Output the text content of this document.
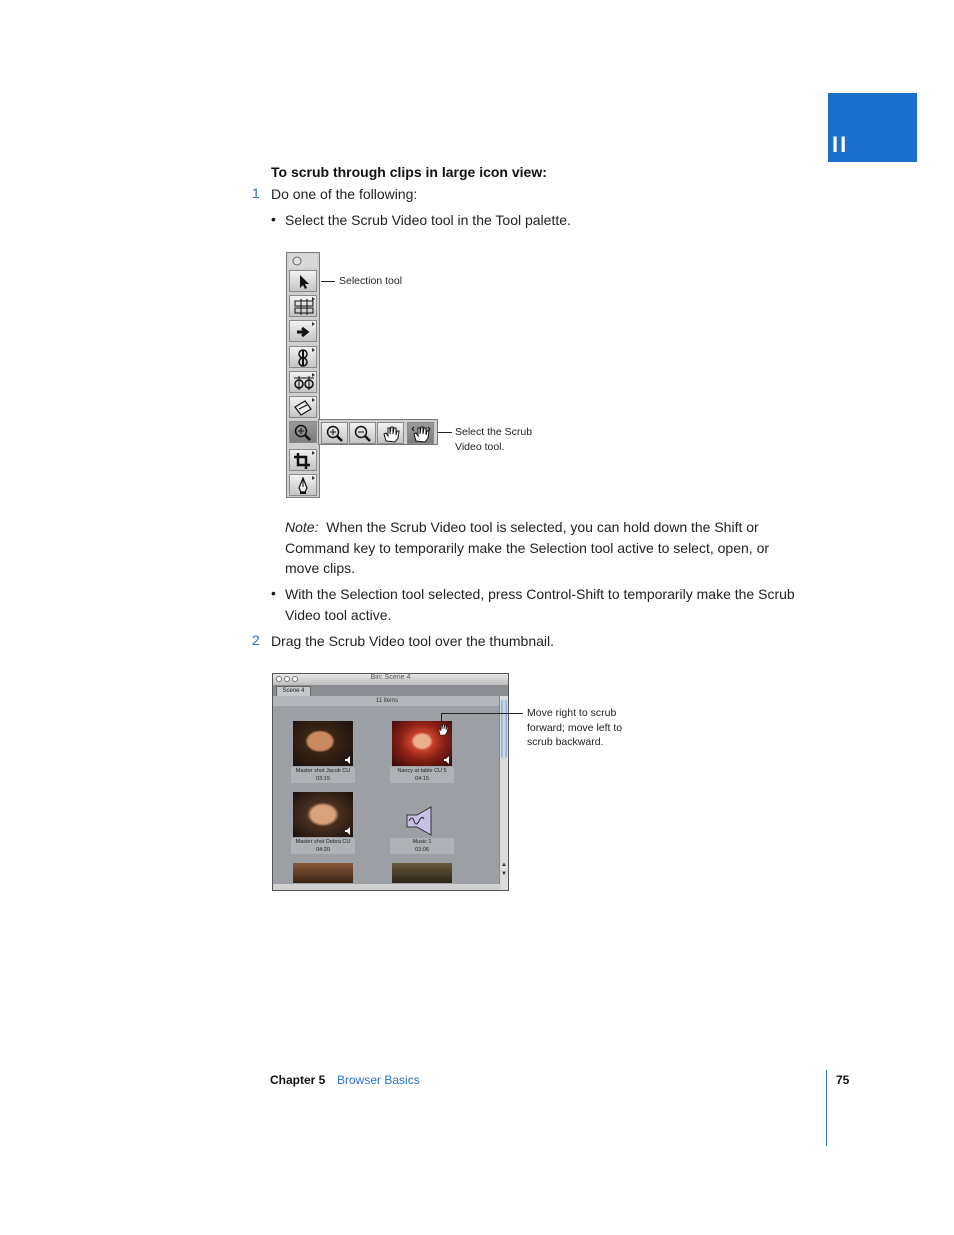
II
To scrub through clips in large icon view:
1 Do one of the following:
• Select the Scrub Video tool in the Tool palette.
Selection tool
Select the Scrub
Video tool.
Note: When the Scrub Video tool is selected, you can hold down the Shift or
Command key to temporarily make the Selection tool active to select, open, or
move clips.
• With the Selection tool selected, press Control-Shift to temporarily make the Scrub
Video tool active.
2 Drag the Scrub Video tool over the thumbnail.
Bin: Scene 4
Scene 4
11 items
Master shot Jacob CU
03:15
Nancy at table CU 5
04:15
Master shot Debra CU
04:20
Music 1
03:06
▲
▼
Move right to scrub
forward; move left to
scrub backward.
Chapter 5 Browser Basics	75
